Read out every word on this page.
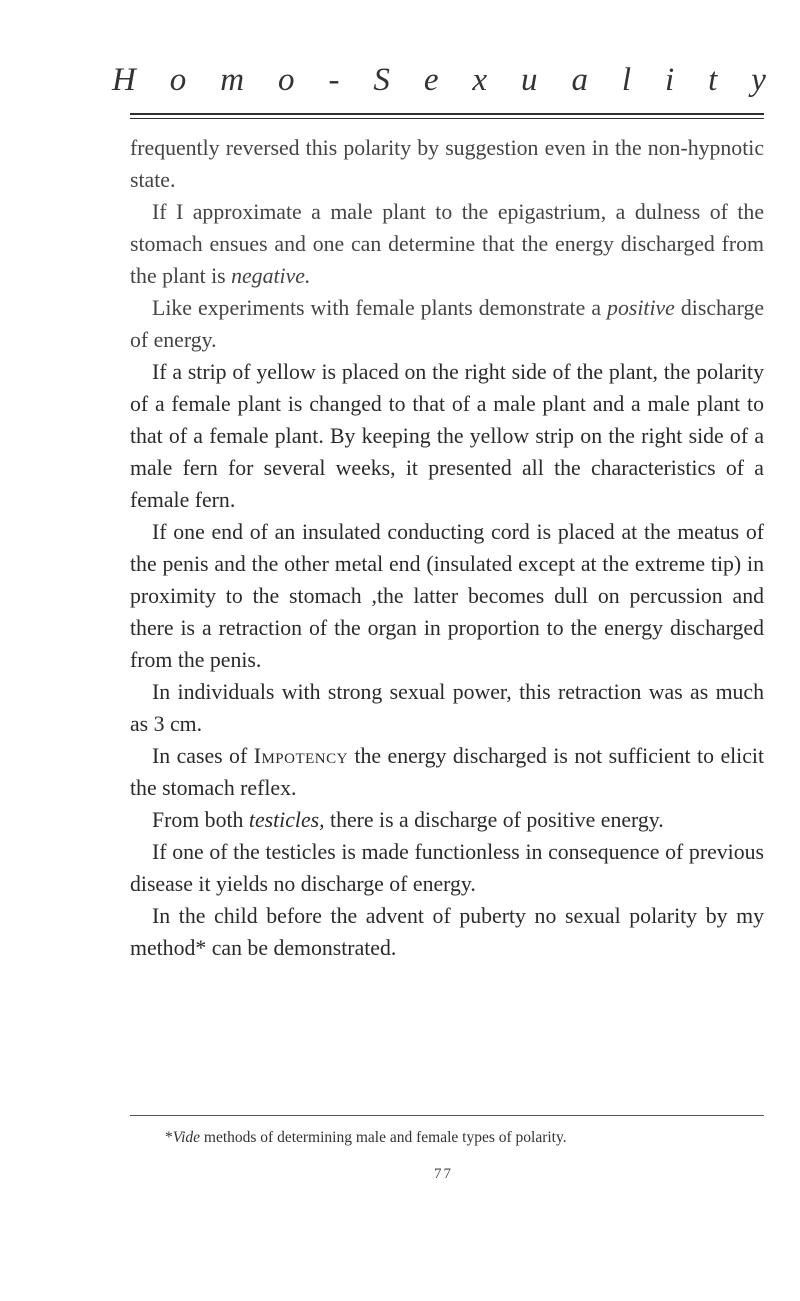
H o m o - S e x u a l i t y

frequently reversed this polarity by suggestion even in the non-hypnotic state.

If I approximate a male plant to the epigastrium, a dulness of the stomach ensues and one can determine that the energy discharged from the plant is negative.

Like experiments with female plants demonstrate a positive discharge of energy.

If a strip of yellow is placed on the right side of the plant, the polarity of a female plant is changed to that of a male plant and a male plant to that of a female plant. By keeping the yellow strip on the right side of a male fern for several weeks, it presented all the characteristics of a female fern.

If one end of an insulated conducting cord is placed at the meatus of the penis and the other metal end (insulated except at the extreme tip) in proximity to the stomach ,the latter becomes dull on percussion and there is a retraction of the organ in proportion to the energy discharged from the penis.

In individuals with strong sexual power, this retraction was as much as 3 cm.

In cases of Impotency the energy discharged is not sufficient to elicit the stomach reflex.

From both testicles, there is a discharge of positive energy.

If one of the testicles is made functionless in consequence of previous disease it yields no discharge of energy.

In the child before the advent of puberty no sexual polarity by my method* can be demonstrated.

*Vide methods of determining male and female types of polarity.
77
